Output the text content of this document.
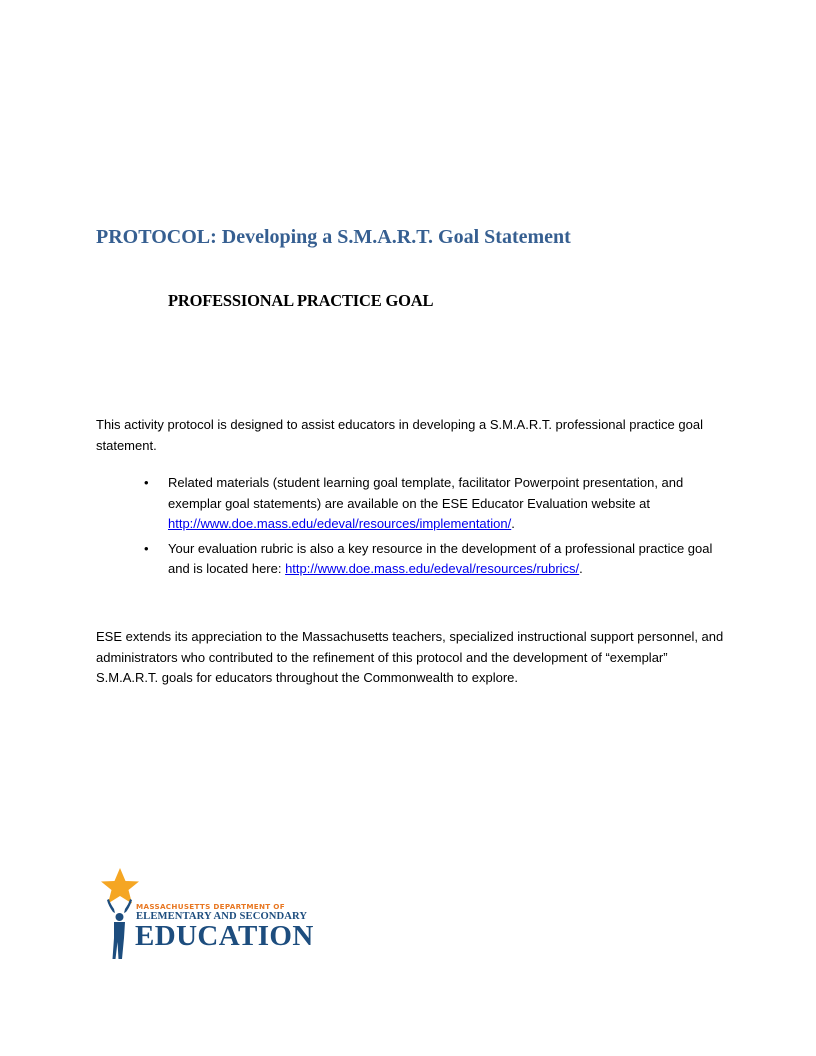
PROTOCOL: Developing a S.M.A.R.T. Goal Statement
PROFESSIONAL PRACTICE GOAL

This activity protocol is designed to assist educators in developing a S.M.A.R.T. professional practice goal statement.

• Related materials (student learning goal template, facilitator Powerpoint presentation, and exemplar goal statements) are available on the ESE Educator Evaluation website at http://www.doe.mass.edu/edeval/resources/implementation/.
• Your evaluation rubric is also a key resource in the development of a professional practice goal and is located here: http://www.doe.mass.edu/edeval/resources/rubrics/.

ESE extends its appreciation to the Massachusetts teachers, specialized instructional support personnel, and administrators who contributed to the refinement of this protocol and the development of “exemplar” S.M.A.R.T. goals for educators throughout the Commonwealth to explore.

MASSACHUSETTS DEPARTMENT OF
ELEMENTARY AND SECONDARY
EDUCATION
